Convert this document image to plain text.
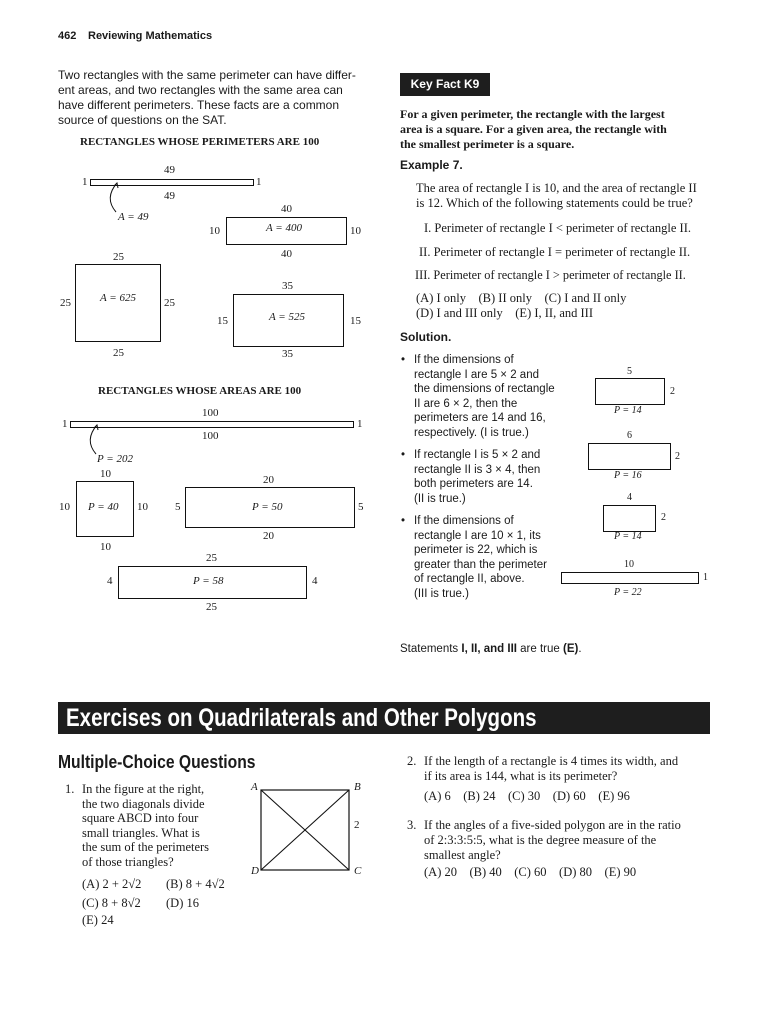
462 Reviewing Mathematics
Two rectangles with the same perimeter can have differ-
ent areas, and two rectangles with the same area can
have different perimeters. These facts are a common
source of questions on the SAT.
RECTANGLES WHOSE PERIMETERS ARE 100
49
1	1
49
A = 49
40
10	A = 400	10
40
25
25	A = 625	25
25
35
15	A = 525	15
35
RECTANGLES WHOSE AREAS ARE 100
100
1	1
100
P = 202
10
10 P = 40 10
10
20
5	P = 50	5
20
25
4	P = 58	4
25
Key Fact K9
For a given perimeter, the rectangle with the largest
area is a square. For a given area, the rectangle with
the smallest perimeter is a square.
Example 7.
The area of rectangle I is 10, and the area of rectangle II
is 12. Which of the following statements could be true?
I. Perimeter of rectangle I < perimeter of rectangle II.
II. Perimeter of rectangle I = perimeter of rectangle II.
III. Perimeter of rectangle I > perimeter of rectangle II.
(A) I only    (B) II only    (C) I and II only
(D) I and III only    (E) I, II, and III
Solution.
• If the dimensions of
rectangle I are 5 × 2 and
the dimensions of rectangle
II are 6 × 2, then the
perimeters are 14 and 16,
respectively. (I is true.)
• If rectangle I is 5 × 2 and
rectangle II is 3 × 4, then
both perimeters are 14.
(II is true.)
• If the dimensions of
rectangle I are 10 × 1, its
perimeter is 22, which is
greater than the perimeter
of rectangle II, above.
(III is true.)
5
2
P = 14
6
2
P = 16
4
2
P = 14
10
1
P = 22
Statements I, II, and III are true (E).
Exercises on Quadrilaterals and Other Polygons
Multiple-Choice Questions
1. In the figure at the right,
the two diagonals divide
square ABCD into four
small triangles. What is
the sum of the perimeters
of those triangles?
(A) 2 + 2√2 (B) 8 + 4√2
(C) 8 + 8√2 (D) 16
(E) 24
A	B
C
D
2
2. If the length of a rectangle is 4 times its width, and
if its area is 144, what is its perimeter?
(A) 6    (B) 24    (C) 30    (D) 60    (E) 96
3. If the angles of a five-sided polygon are in the ratio
of 2:3:3:5:5, what is the degree measure of the
smallest angle?
(A) 20    (B) 40    (C) 60    (D) 80    (E) 90
